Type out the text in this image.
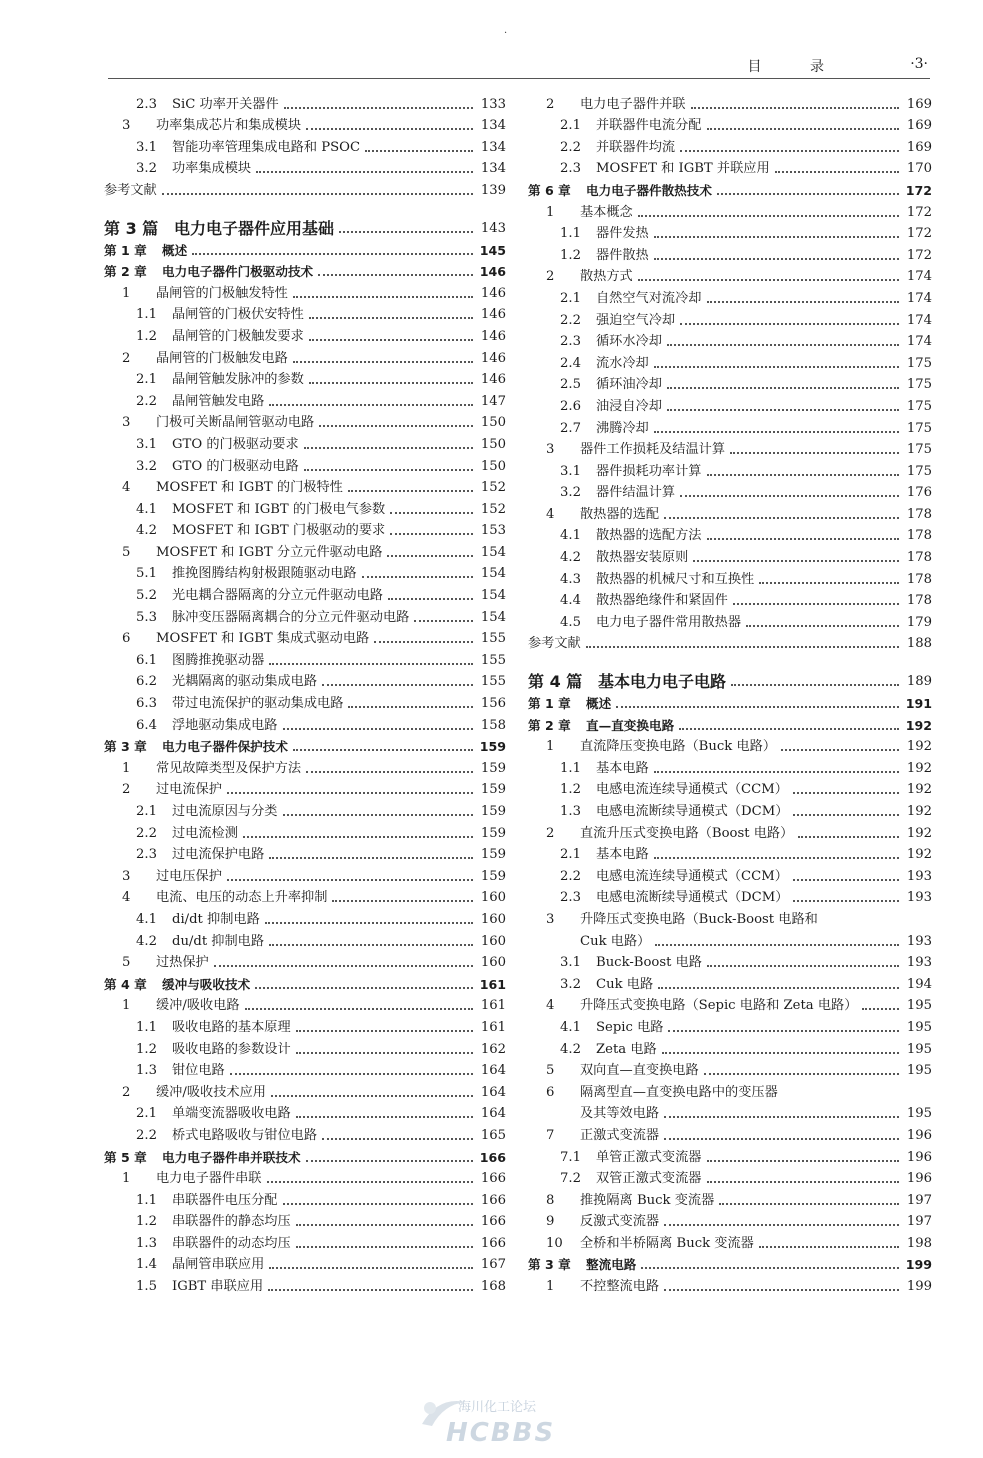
·
目 录	·3·
2.3	SiC 功率开关器件	133
3	功率集成芯片和集成模块	134
3.1	智能功率管理集成电路和 PSOC	134
3.2	功率集成模块	134
参考文献	139
第 3 篇 电力电子器件应用基础	143
第 1 章	概述	145
第 2 章	电力电子器件门极驱动技术	146
1	晶闸管的门极触发特性	146
1.1	晶闸管的门极伏安特性	146
1.2	晶闸管的门极触发要求	146
2	晶闸管的门极触发电路	146
2.1	晶闸管触发脉冲的参数	146
2.2	晶闸管触发电路	147
3	门极可关断晶闸管驱动电路	150
3.1	GTO 的门极驱动要求	150
3.2	GTO 的门极驱动电路	150
4	MOSFET 和 IGBT 的门极特性	152
4.1	MOSFET 和 IGBT 的门极电气参数	152
4.2	MOSFET 和 IGBT 门极驱动的要求	153
5	MOSFET 和 IGBT 分立元件驱动电路	154
5.1	推挽图腾结构射极跟随驱动电路	154
5.2	光电耦合器隔离的分立元件驱动电路	154
5.3	脉冲变压器隔离耦合的分立元件驱动电路	154
6	MOSFET 和 IGBT 集成式驱动电路	155
6.1	图腾推挽驱动器	155
6.2	光耦隔离的驱动集成电路	155
6.3	带过电流保护的驱动集成电路	156
6.4	浮地驱动集成电路	158
第 3 章	电力电子器件保护技术	159
1	常见故障类型及保护方法	159
2	过电流保护	159
2.1	过电流原因与分类	159
2.2	过电流检测	159
2.3	过电流保护电路	159
3	过电压保护	159
4	电流、电压的动态上升率抑制	160
4.1	di/dt 抑制电路	160
4.2	du/dt 抑制电路	160
5	过热保护	160
第 4 章	缓冲与吸收技术	161
1	缓冲/吸收电路	161
1.1	吸收电路的基本原理	161
1.2	吸收电路的参数设计	162
1.3	钳位电路	164
2	缓冲/吸收技术应用	164
2.1	单端变流器吸收电路	164
2.2	桥式电路吸收与钳位电路	165
第 5 章	电力电子器件串并联技术	166
1	电力电子器件串联	166
1.1	串联器件电压分配	166
1.2	串联器件的静态均压	166
1.3	串联器件的动态均压	166
1.4	晶闸管串联应用	167
1.5	IGBT 串联应用	168
2	电力电子器件并联	169
2.1	并联器件电流分配	169
2.2	并联器件均流	169
2.3	MOSFET 和 IGBT 并联应用	170
第 6 章	电力电子器件散热技术	172
1	基本概念	172
1.1	器件发热	172
1.2	器件散热	172
2	散热方式	174
2.1	自然空气对流冷却	174
2.2	强迫空气冷却	174
2.3	循环水冷却	174
2.4	流水冷却	175
2.5	循环油冷却	175
2.6	油浸自冷却	175
2.7	沸腾冷却	175
3	器件工作损耗及结温计算	175
3.1	器件损耗功率计算	175
3.2	器件结温计算	176
4	散热器的选配	178
4.1	散热器的选配方法	178
4.2	散热器安装原则	178
4.3	散热器的机械尺寸和互换性	178
4.4	散热器绝缘件和紧固件	178
4.5	电力电子器件常用散热器	179
参考文献	188
第 4 篇 基本电力电子电路	189
第 1 章	概述	191
第 2 章	直—直变换电路	192
1	直流降压变换电路（Buck 电路）	192
1.1	基本电路	192
1.2	电感电流连续导通模式（CCM）	192
1.3	电感电流断续导通模式（DCM）	192
2	直流升压式变换电路（Boost 电路）	192
2.1	基本电路	192
2.2	电感电流连续导通模式（CCM）	193
2.3	电感电流断续导通模式（DCM）	193
3	升降压式变换电路（Buck-Boost 电路和
Cuk 电路）	193
3.1	Buck-Boost 电路	193
3.2	Cuk 电路	194
4	升降压式变换电路（Sepic 电路和 Zeta 电路）	195
4.1	Sepic 电路	195
4.2	Zeta 电路	195
5	双向直—直变换电路	195
6	隔离型直—直变换电路中的变压器
及其等效电路	195
7	正激式变流器	196
7.1	单管正激式变流器	196
7.2	双管正激式变流器	196
8	推挽隔离 Buck 变流器	197
9	反激式变流器	197
10	全桥和半桥隔离 Buck 变流器	198
第 3 章	整流电路	199
1	不控整流电路	199
海川化工论坛
HCBBS
